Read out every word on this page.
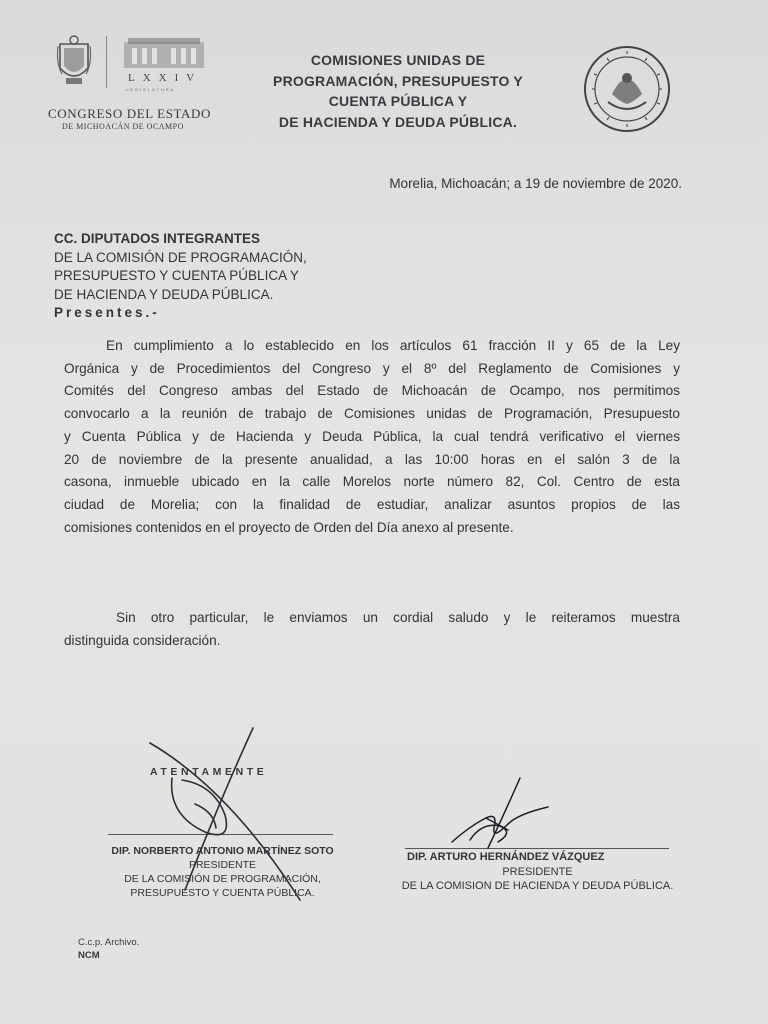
LXXIV
LEGISLATURA
CONGRESO DEL ESTADO
DE MICHOACÁN DE OCAMPO
COMISIONES UNIDAS DE
PROGRAMACIÓN, PRESUPUESTO Y
CUENTA PÚBLICA Y
DE HACIENDA Y DEUDA PÚBLICA.
Morelia, Michoacán; a 19 de noviembre de 2020.
CC. DIPUTADOS INTEGRANTES
DE LA COMISIÓN DE PROGRAMACIÓN,
PRESUPUESTO Y CUENTA PÚBLICA Y
DE HACIENDA Y DEUDA PÚBLICA.
Presentes.-
En cumplimiento a lo establecido en los artículos 61 fracción II y 65 de la Ley
Orgánica y de Procedimientos del Congreso y el 8º del Reglamento de Comisiones y
Comités del Congreso ambas del Estado de Michoacán de Ocampo, nos permitimos
convocarlo a la reunión de trabajo de Comisiones unidas de Programación, Presupuesto
y Cuenta Pública y de Hacienda y Deuda Pública, la cual tendrá verificativo el viernes
20 de noviembre de la presente anualidad, a las 10:00 horas en el salón 3 de la
casona, inmueble ubicado en la calle Morelos norte número 82, Col. Centro de esta
ciudad de Morelia; con la finalidad de estudiar, analizar asuntos propios de las
comisiones contenidos en el proyecto de Orden del Día anexo al presente.
Sin otro particular, le enviamos un cordial saludo y le reiteramos muestra
distinguida consideración.
ATENTAMENTE
DIP. NORBERTO ANTONIO MARTÍNEZ SOTO
PRESIDENTE
DE LA COMISIÓN DE PROGRAMACIÓN,
PRESUPUESTO Y CUENTA PÚBLICA.
DIP. ARTURO HERNÁNDEZ VÁZQUEZ
PRESIDENTE
DE LA COMISION DE HACIENDA Y DEUDA PÚBLICA.
C.c.p. Archivo.
NCM
